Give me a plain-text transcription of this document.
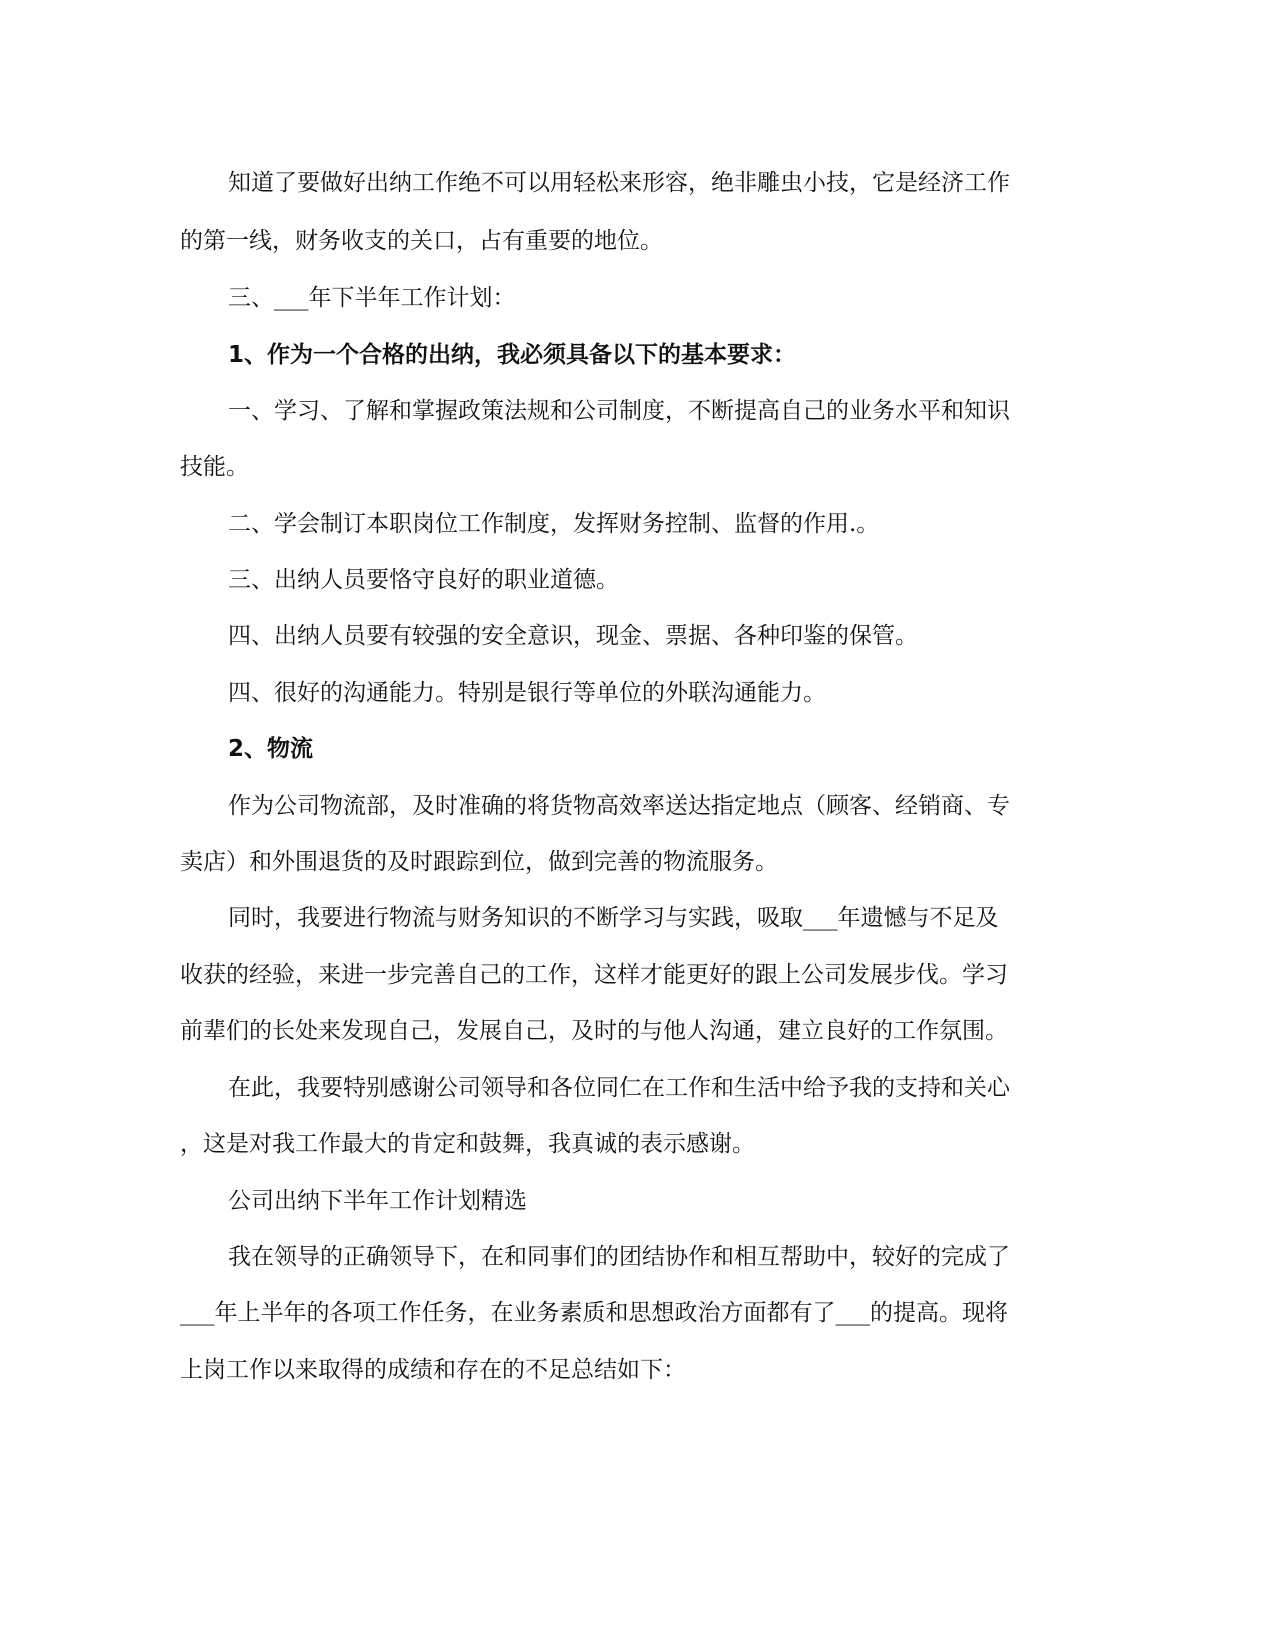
知道了要做好出纳工作绝不可以用轻松来形容，绝非雕虫小技，它是经济工作
的第一线，财务收支的关口，占有重要的地位。
三、___年下半年工作计划：
1、作为一个合格的出纳，我必须具备以下的基本要求：
一、学习、了解和掌握政策法规和公司制度，不断提高自己的业务水平和知识
技能。
二、学会制订本职岗位工作制度，发挥财务控制、监督的作用.。
三、出纳人员要恪守良好的职业道德。
四、出纳人员要有较强的安全意识，现金、票据、各种印鉴的保管。
四、很好的沟通能力。特别是银行等单位的外联沟通能力。
2、物流
作为公司物流部，及时准确的将货物高效率送达指定地点（顾客、经销商、专
卖店）和外围退货的及时跟踪到位，做到完善的物流服务。
同时，我要进行物流与财务知识的不断学习与实践，吸取___年遗憾与不足及
收获的经验，来进一步完善自己的工作，这样才能更好的跟上公司发展步伐。学习
前辈们的长处来发现自己，发展自己，及时的与他人沟通，建立良好的工作氛围。
在此，我要特别感谢公司领导和各位同仁在工作和生活中给予我的支持和关心
，这是对我工作最大的肯定和鼓舞，我真诚的表示感谢。
公司出纳下半年工作计划精选
我在领导的正确领导下，在和同事们的团结协作和相互帮助中，较好的完成了
___年上半年的各项工作任务，在业务素质和思想政治方面都有了___的提高。现将
上岗工作以来取得的成绩和存在的不足总结如下：
